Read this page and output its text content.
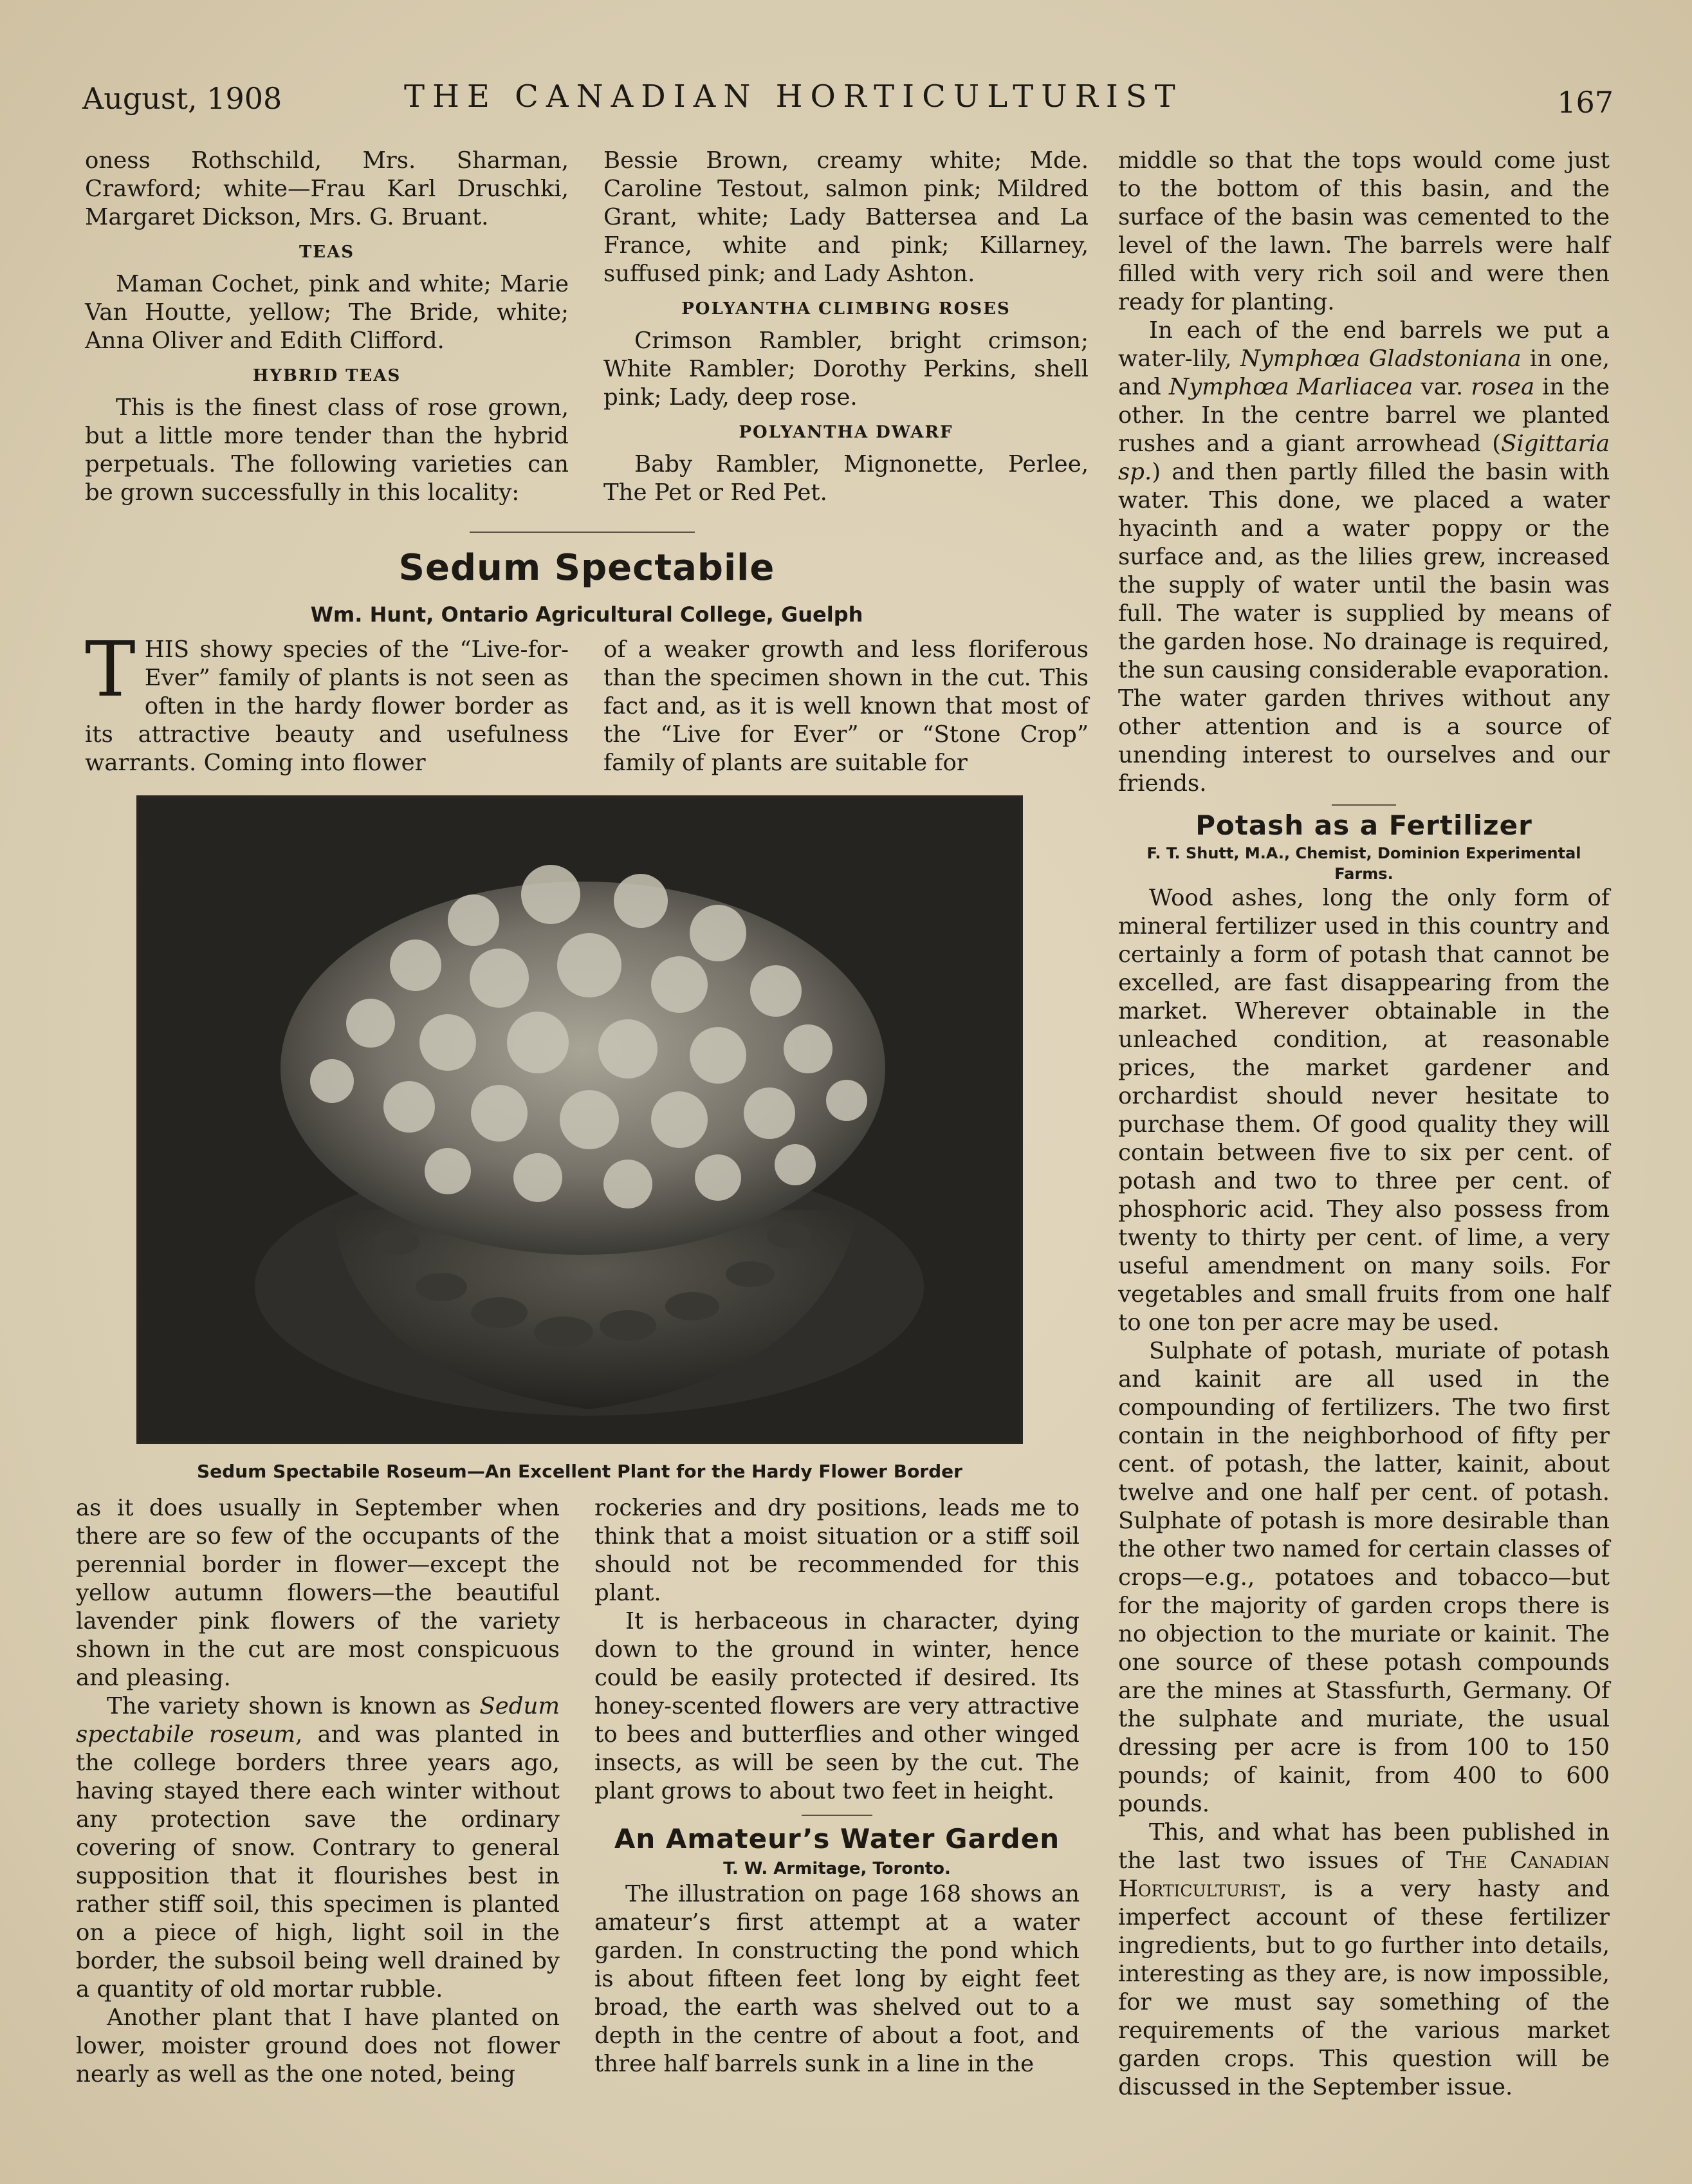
August, 1908	THE CANADIAN HORTICULTURIST	167

oness Rothschild, Mrs. Sharman, Crawford; white—Frau Karl Druschki, Margaret Dickson, Mrs. G. Bruant.

TEAS

Maman Cochet, pink and white; Marie Van Houtte, yellow; The Bride, white; Anna Oliver and Edith Clifford.

HYBRID TEAS

This is the finest class of rose grown, but a little more tender than the hybrid perpetuals. The following varieties can be grown successfully in this locality:

Bessie Brown, creamy white; Mde. Caroline Testout, salmon pink; Mildred Grant, white; Lady Battersea and La France, white and pink; Killarney, suffused pink; and Lady Ashton.

POLYANTHA CLIMBING ROSES

Crimson Rambler, bright crimson; White Rambler; Dorothy Perkins, shell pink; Lady, deep rose.

POLYANTHA DWARF

Baby Rambler, Mignonette, Perlee, The Pet or Red Pet.

Sedum Spectabile
Wm. Hunt, Ontario Agricultural College, Guelph
T HIS showy species of the “Live-for-Ever” family of plants is not seen as often in the hardy flower border as its attractive beauty and usefulness warrants. Coming into flower

of a weaker growth and less floriferous than the specimen shown in the cut. This fact and, as it is well known that most of the “Live for Ever” or “Stone Crop” family of plants are suitable for

Sedum Spectabile Roseum—An Excellent Plant for the Hardy Flower Border

as it does usually in September when there are so few of the occupants of the perennial border in flower—except the yellow autumn flowers—the beautiful lavender pink flowers of the variety shown in the cut are most conspicuous and pleasing.

The variety shown is known as Sedum spectabile roseum, and was planted in the college borders three years ago, having stayed there each winter without any protection save the ordinary covering of snow. Contrary to general supposition that it flourishes best in rather stiff soil, this specimen is planted on a piece of high, light soil in the border, the subsoil being well drained by a quantity of old mortar rubble.

Another plant that I have planted on lower, moister ground does not flower nearly as well as the one noted, being

rockeries and dry positions, leads me to think that a moist situation or a stiff soil should not be recommended for this plant.

It is herbaceous in character, dying down to the ground in winter, hence could be easily protected if desired. Its honey-scented flowers are very attractive to bees and butterflies and other winged insects, as will be seen by the cut. The plant grows to about two feet in height.

An Amateur’s Water Garden
T. W. Armitage, Toronto.

The illustration on page 168 shows an amateur’s first attempt at a water garden. In constructing the pond which is about fifteen feet long by eight feet broad, the earth was shelved out to a depth in the centre of about a foot, and three half barrels sunk in a line in the

middle so that the tops would come just to the bottom of this basin, and the surface of the basin was cemented to the level of the lawn. The barrels were half filled with very rich soil and were then ready for planting.

In each of the end barrels we put a water-lily, Nymphœa Gladstoniana in one, and Nymphœa Marliacea var. rosea in the other. In the centre barrel we planted rushes and a giant arrowhead (Sigittaria sp.) and then partly filled the basin with water. This done, we placed a water hyacinth and a water poppy or the surface and, as the lilies grew, increased the supply of water until the basin was full. The water is supplied by means of the garden hose. No drainage is required, the sun causing considerable evaporation. The water garden thrives without any other attention and is a source of unending interest to ourselves and our friends.

Potash as a Fertilizer
F. T. Shutt, M.A., Chemist, Dominion Experimental Farms.

Wood ashes, long the only form of mineral fertilizer used in this country and certainly a form of potash that cannot be excelled, are fast disappearing from the market. Wherever obtainable in the unleached condition, at reasonable prices, the market gardener and orchardist should never hesitate to purchase them. Of good quality they will contain between five to six per cent. of potash and two to three per cent. of phosphoric acid. They also possess from twenty to thirty per cent. of lime, a very useful amendment on many soils. For vegetables and small fruits from one half to one ton per acre may be used.

Sulphate of potash, muriate of potash and kainit are all used in the compounding of fertilizers. The two first contain in the neighborhood of fifty per cent. of potash, the latter, kainit, about twelve and one half per cent. of potash. Sulphate of potash is more desirable than the other two named for certain classes of crops—e.g., potatoes and tobacco—but for the majority of garden crops there is no objection to the muriate or kainit. The one source of these potash compounds are the mines at Stassfurth, Germany. Of the sulphate and muriate, the usual dressing per acre is from 100 to 150 pounds; of kainit, from 400 to 600 pounds.

This, and what has been published in the last two issues of The Canadian Horticulturist, is a very hasty and imperfect account of these fertilizer ingredients, but to go further into details, interesting as they are, is now impossible, for we must say something of the requirements of the various market garden crops. This question will be discussed in the September issue.
